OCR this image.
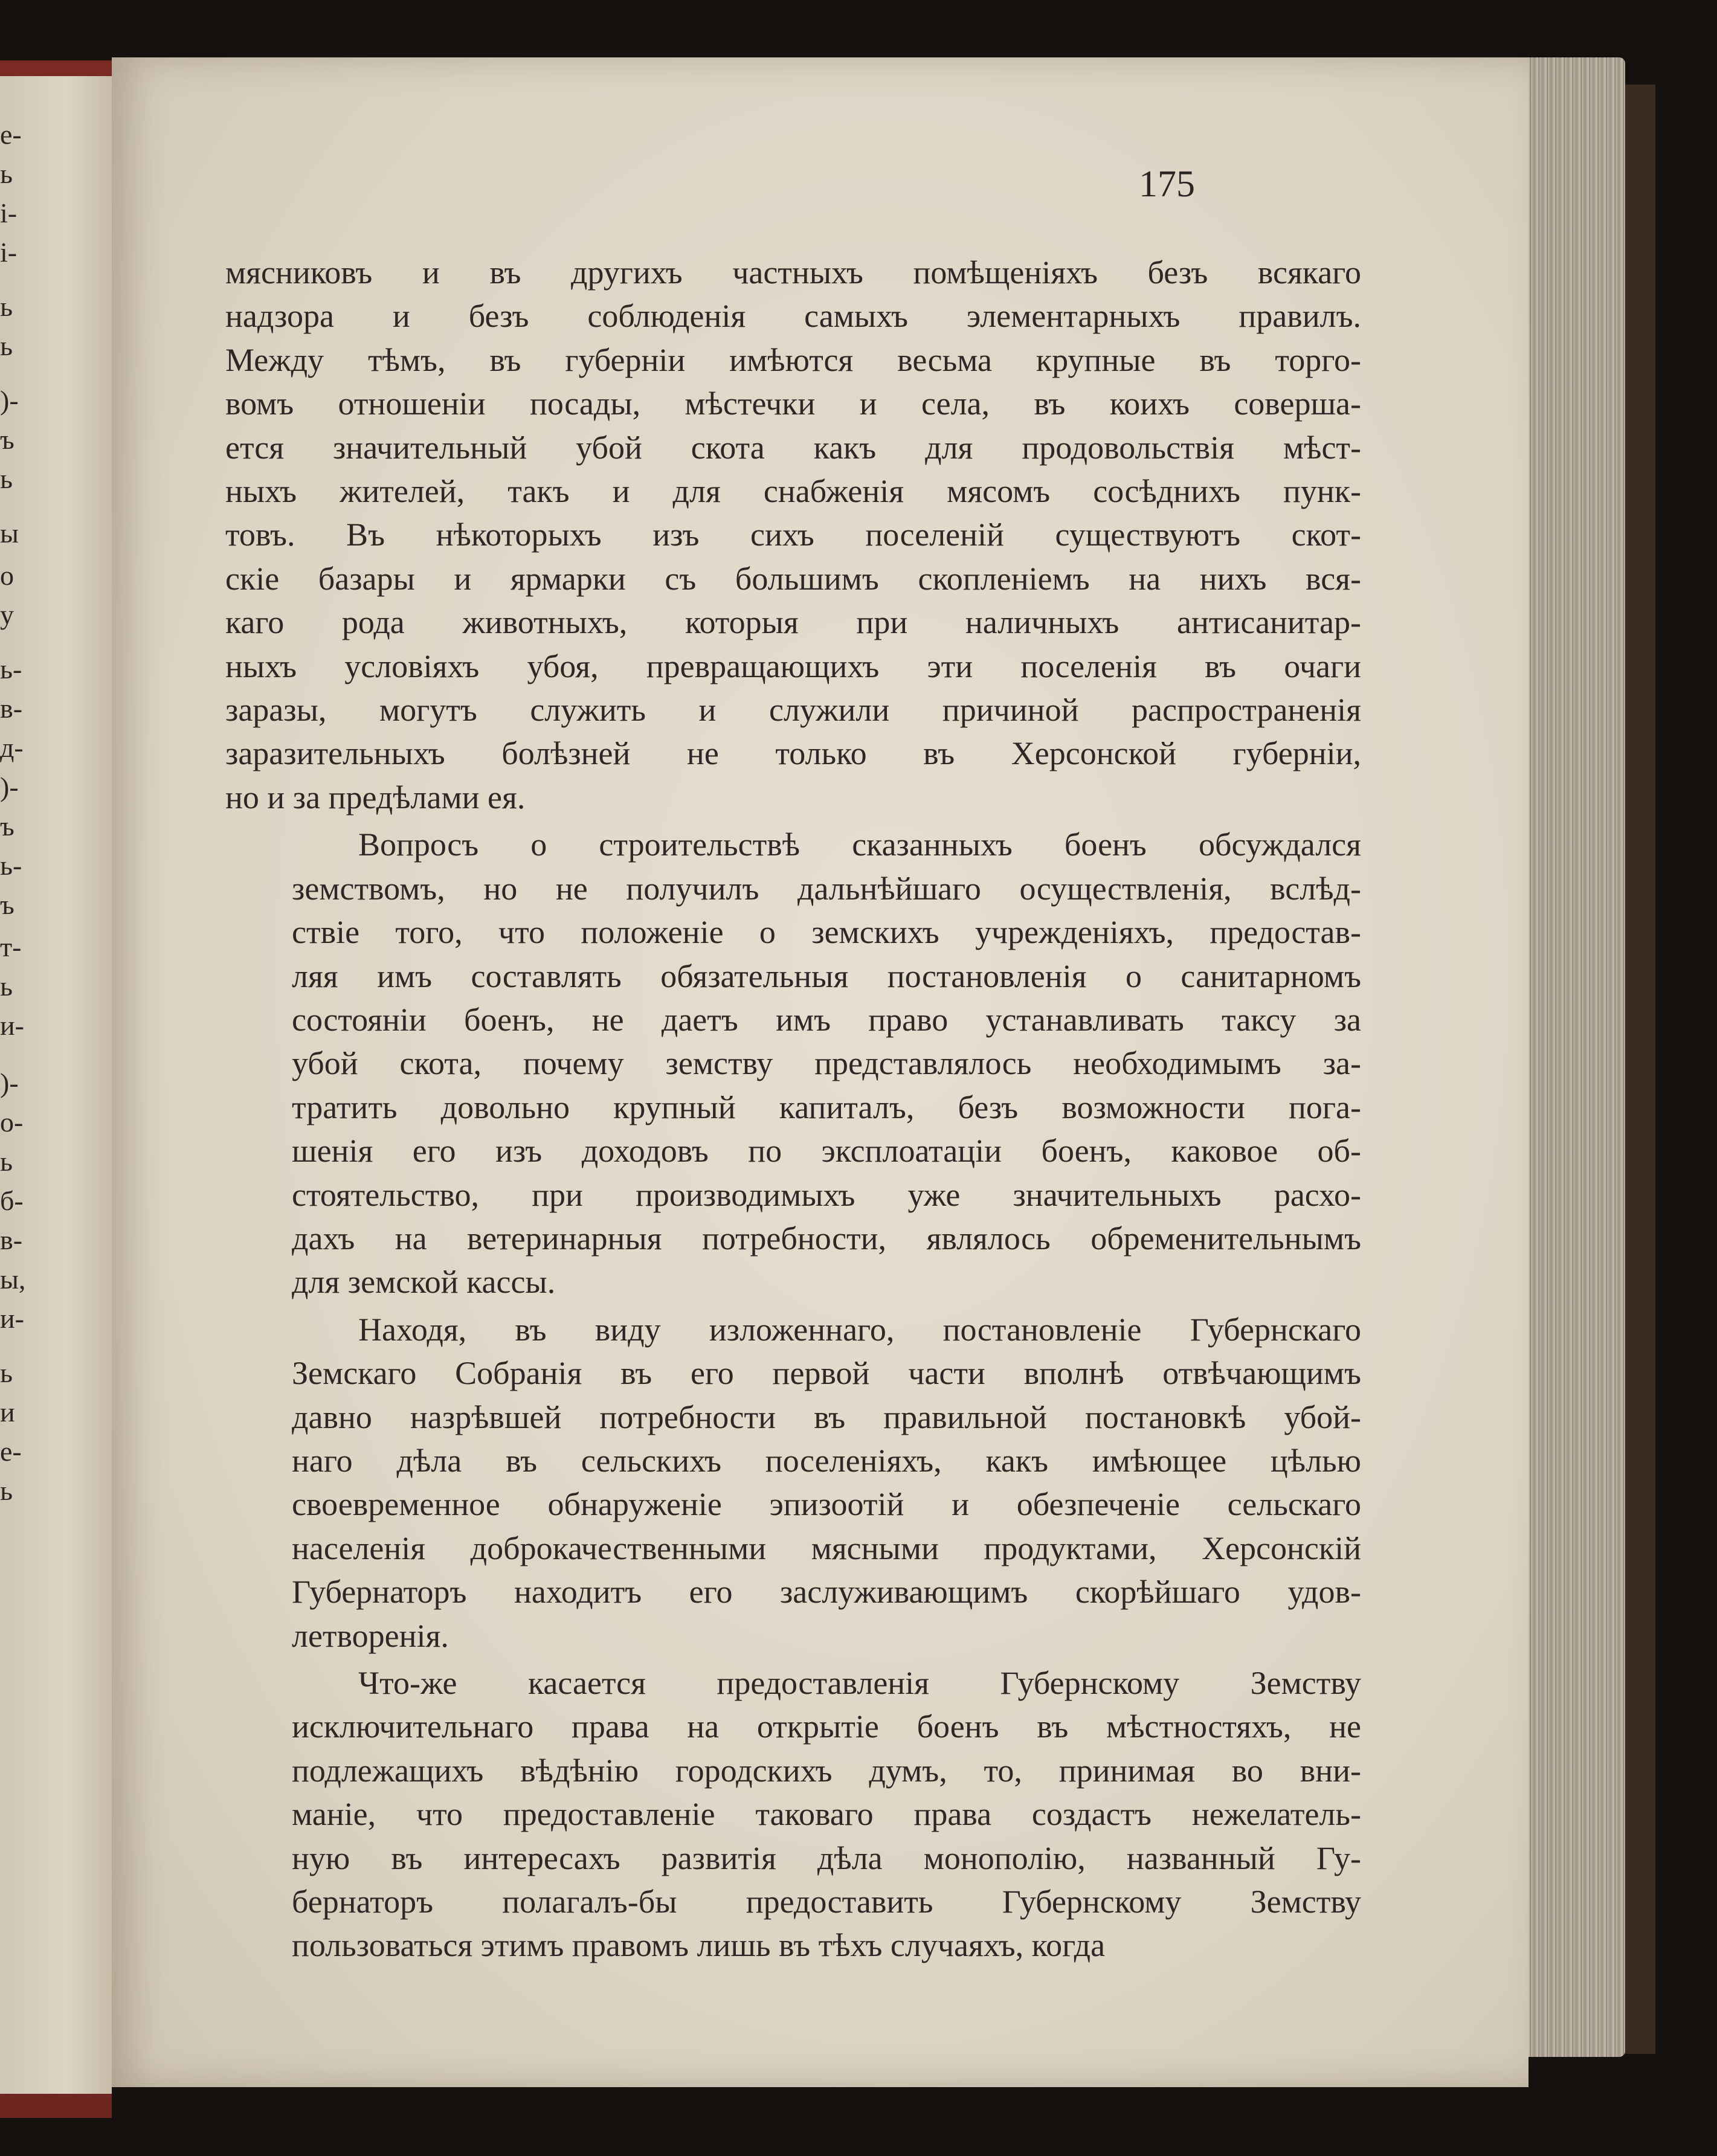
е-
ь
і-
і-
ь
ь
)-
ъ
ь
ы
о
у
ь-
в-
д-
)-
ъ
ь-
ъ
т-
ь
и-
)-
о-
ь
б-
в-
ы,
и-
ь
и
е-
ь
175
мясниковъ и въ другихъ частныхъ помѣщеніяхъ безъ всякаго
надзора и безъ соблюденія самыхъ элементарныхъ правилъ.
Между тѣмъ, въ губерніи имѣются весьма крупные въ торго-
вомъ отношеніи посады, мѣстечки и села, въ коихъ соверша-
ется значительный убой скота какъ для продовольствія мѣст-
ныхъ жителей, такъ и для снабженія мясомъ сосѣднихъ пунк-
товъ. Въ нѣкоторыхъ изъ сихъ поселеній существуютъ скот-
скіе базары и ярмарки съ большимъ скопленіемъ на нихъ вся-
каго рода животныхъ, которыя при наличныхъ антисанитар-
ныхъ условіяхъ убоя, превращающихъ эти поселенія въ очаги
заразы, могутъ служить и служили причиной распространенія
заразительныхъ болѣзней не только въ Херсонской губерніи,
но и за предѣлами ея.
Вопросъ о строительствѣ сказанныхъ боенъ обсуждался
земствомъ, но не получилъ дальнѣйшаго осуществленія, вслѣд-
ствіе того, что положеніе о земскихъ учрежденіяхъ, предостав-
ляя имъ составлять обязательныя постановленія о санитарномъ
состояніи боенъ, не даетъ имъ право устанавливать таксу за
убой скота, почему земству представлялось необходимымъ за-
тратить довольно крупный капиталъ, безъ возможности пога-
шенія его изъ доходовъ по эксплоатаціи боенъ, каковое об-
стоятельство, при производимыхъ уже значительныхъ расхо-
дахъ на ветеринарныя потребности, являлось обременительнымъ
для земской кассы.
Находя, въ виду изложеннаго, постановленіе Губернскаго
Земскаго Собранія въ его первой части вполнѣ отвѣчающимъ
давно назрѣвшей потребности въ правильной постановкѣ убой-
наго дѣла въ сельскихъ поселеніяхъ, какъ имѣющее цѣлью
своевременное обнаруженіе эпизоотій и обезпеченіе сельскаго
населенія доброкачественными мясными продуктами, Херсонскій
Губернаторъ находитъ его заслуживающимъ скорѣйшаго удов-
летворенія.
Что-же касается предоставленія Губернскому Земству
исключительнаго права на открытіе боенъ въ мѣстностяхъ, не
подлежащихъ вѣдѣнію городскихъ думъ, то, принимая во вни-
маніе, что предоставленіе таковаго права создастъ нежелатель-
ную въ интересахъ развитія дѣла монополію, названный Гу-
бернаторъ полагалъ-бы предоставить Губернскому Земству
пользоваться этимъ правомъ лишь въ тѣхъ случаяхъ, когда
